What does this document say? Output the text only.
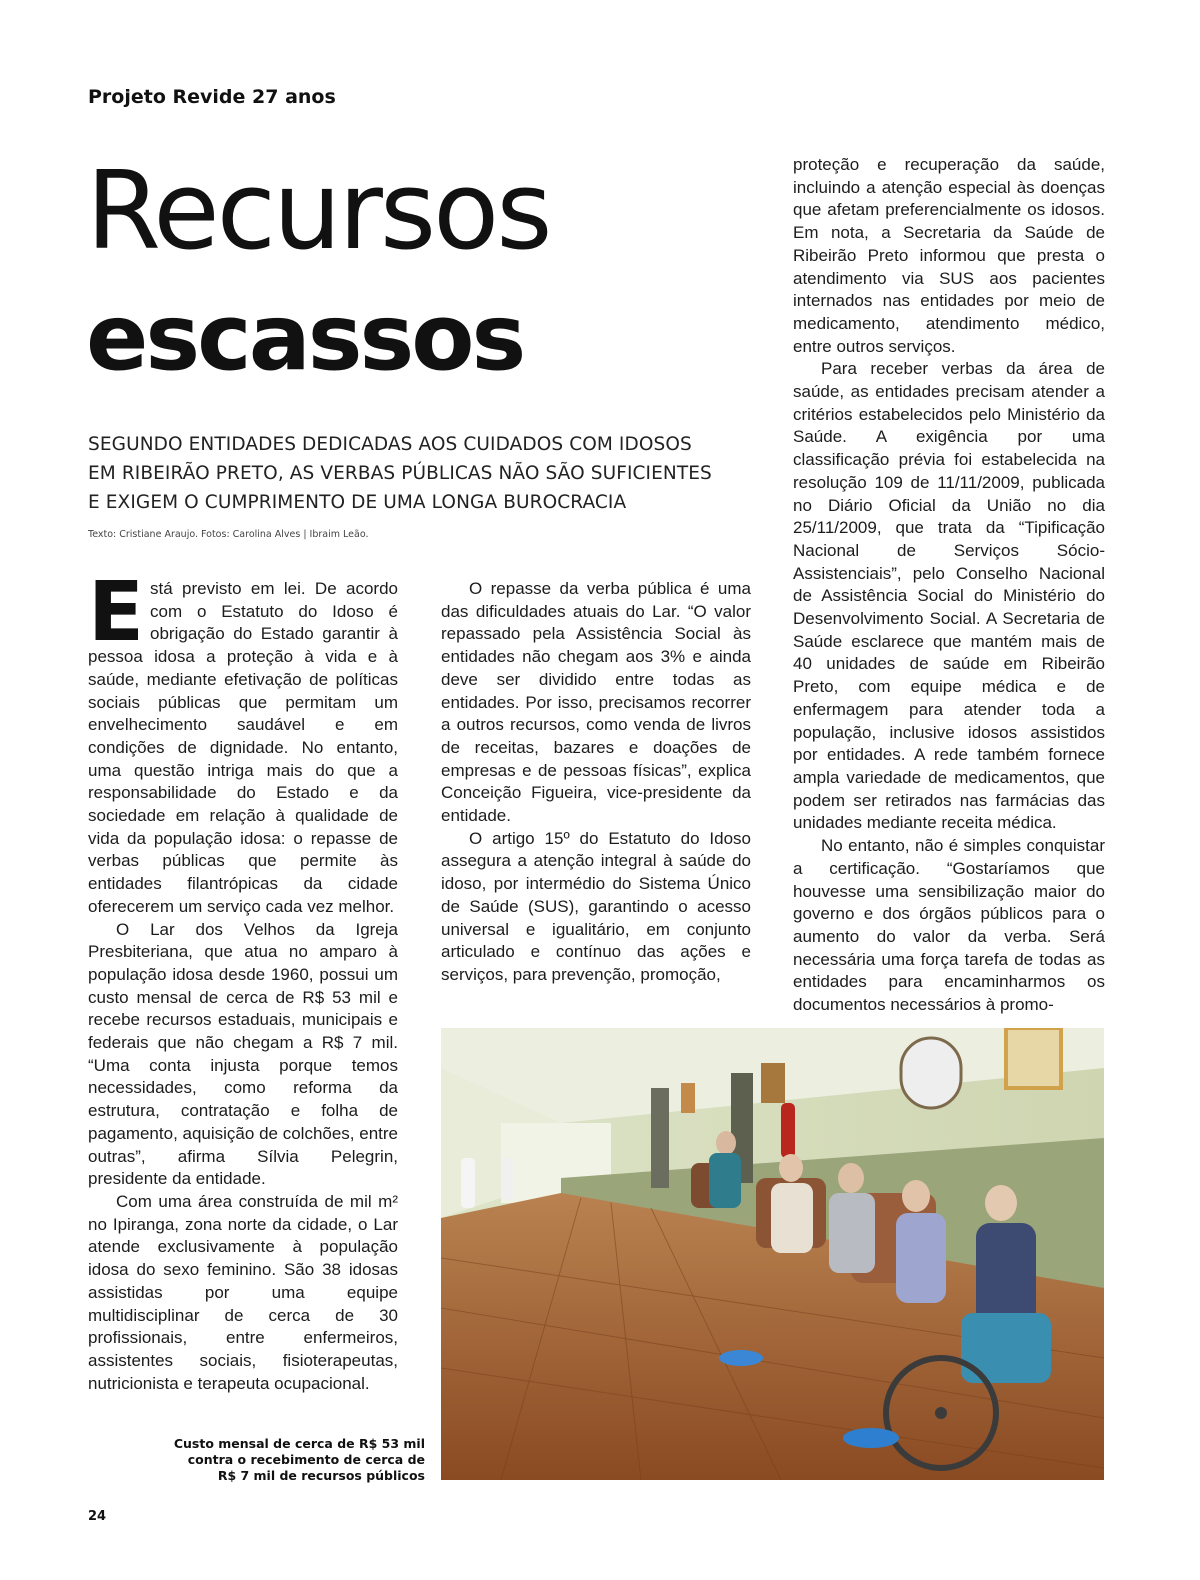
Projeto Revide 27 anos
Recursos
escassos
SEGUNDO ENTIDADES DEDICADAS AOS CUIDADOS COM IDOSOS
EM RIBEIRÃO PRETO, AS VERBAS PÚBLICAS NÃO SÃO SUFICIENTES
E EXIGEM O CUMPRIMENTO DE UMA LONGA BUROCRACIA
Texto: Cristiane Araujo. Fotos: Carolina Alves | Ibraim Leão.

Está previsto em lei. De acordo com o Estatuto do Idoso é obrigação do Estado garantir à pessoa idosa a proteção à vida e à saúde, mediante efetivação de políticas sociais públicas que permitam um envelhecimento saudável e em condições de dignidade. No entanto, uma questão intriga mais do que a responsabilidade do Estado e da sociedade em relação à qualidade de vida da população idosa: o repasse de verbas públicas que permite às entidades filantrópicas da cidade oferecerem um serviço cada vez melhor.

O Lar dos Velhos da Igreja Presbiteriana, que atua no amparo à população idosa desde 1960, possui um custo mensal de cerca de R$ 53 mil e recebe recursos estaduais, municipais e federais que não chegam a R$ 7 mil. “Uma conta injusta porque temos necessidades, como reforma da estrutura, contratação e folha de pagamento, aquisição de colchões, entre outras”, afirma Sílvia Pelegrin, presidente da entidade.

Com uma área construída de mil m² no Ipiranga, zona norte da cidade, o Lar atende exclusivamente à população idosa do sexo feminino. São 38 idosas assistidas por uma equipe multidisciplinar de cerca de 30 profissionais, entre enfermeiros, assistentes sociais, fisioterapeutas, nutricionista e terapeuta ocupacional.

O repasse da verba pública é uma das dificuldades atuais do Lar. “O valor repassado pela Assistência Social às entidades não chegam aos 3% e ainda deve ser dividido entre todas as entidades. Por isso, precisamos recorrer a outros recursos, como venda de livros de receitas, bazares e doações de empresas e de pessoas físicas”, explica Conceição Figueira, vice-presidente da entidade.

O artigo 15º do Estatuto do Idoso assegura a atenção integral à saúde do idoso, por intermédio do Sistema Único de Saúde (SUS), garantindo o acesso universal e igualitário, em conjunto articulado e contínuo das ações e serviços, para prevenção, promoção,

proteção e recuperação da saúde, incluindo a atenção especial às doenças que afetam preferencialmente os idosos. Em nota, a Secretaria da Saúde de Ribeirão Preto informou que presta o atendimento via SUS aos pacientes internados nas entidades por meio de medicamento, atendimento médico, entre outros serviços.

Para receber verbas da área de saúde, as entidades precisam atender a critérios estabelecidos pelo Ministério da Saúde. A exigência por uma classificação prévia foi estabelecida na resolução 109 de 11/11/2009, publicada no Diário Oficial da União no dia 25/11/2009, que trata da “Tipificação Nacional de Serviços Sócio-Assistenciais”, pelo Conselho Nacional de Assistência Social do Ministério do Desenvolvimento Social. A Secretaria de Saúde esclarece que mantém mais de 40 unidades de saúde em Ribeirão Preto, com equipe médica e de enfermagem para atender toda a população, inclusive idosos assistidos por entidades. A rede também fornece ampla variedade de medicamentos, que podem ser retirados nas farmácias das unidades mediante receita médica.

No entanto, não é simples conquistar a certificação. “Gostaríamos que houvesse uma sensibilização maior do governo e dos órgãos públicos para o aumento do valor da verba. Será necessária uma força tarefa de todas as entidades para encaminharmos os documentos necessários à promo-

Custo mensal de cerca de R$ 53 mil
contra o recebimento de cerca de
R$ 7 mil de recursos públicos
24
